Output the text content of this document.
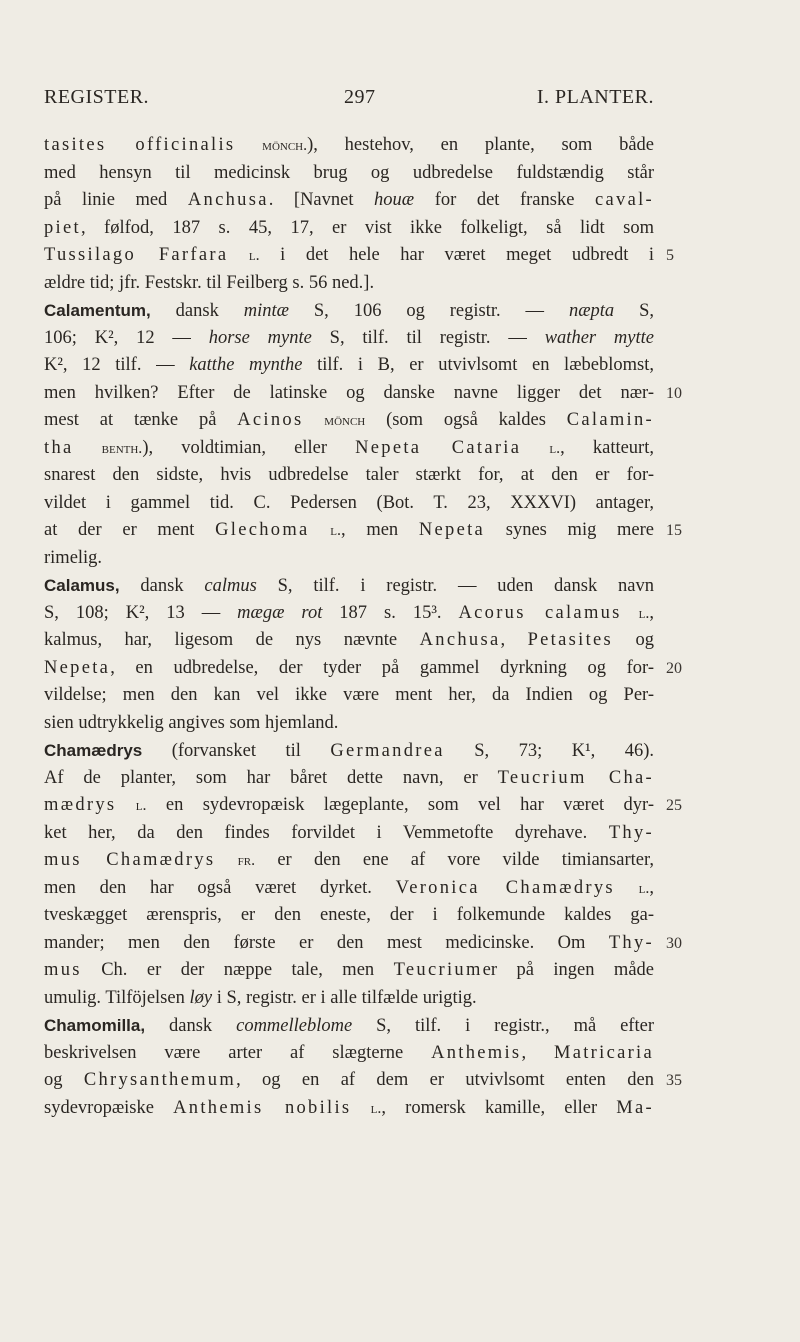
REGISTER.	297	I. PLANTER.
tasites officinalis mönch.), hestehov, en plante, som både
med hensyn til medicinsk brug og udbredelse fuldstændig står
på linie med Anchusa. [Navnet houæ for det franske caval-
piet, følfod, 187 s. 45, 17, er vist ikke folkeligt, så lidt som
Tussilago Farfara l. i det hele har været meget udbredt i 5
ældre tid; jfr. Festskr. til Feilberg s. 56 ned.].
Calamentum, dansk mintæ S, 106 og registr. — næpta S,
106; K², 12 — horse mynte S, tilf. til registr. — wather mytte
K², 12 tilf. — katthe mynthe tilf. i B, er utvivlsomt en læbeblomst,
men hvilken? Efter de latinske og danske navne ligger det nær- 10
mest at tænke på Acinos mönch (som også kaldes Calamin-
tha benth.), voldtimian, eller Nepeta Cataria l., katteurt,
snarest den sidste, hvis udbredelse taler stærkt for, at den er for-
vildet i gammel tid. C. Pedersen (Bot. T. 23, XXXVI) antager,
at der er ment Glechoma l., men Nepeta synes mig mere 15
rimelig.
Calamus, dansk calmus S, tilf. i registr. — uden dansk navn
S, 108; K², 13 — mægæ rot 187 s. 15³. Acorus calamus l.,
kalmus, har, ligesom de nys nævnte Anchusa, Petasites og
Nepeta, en udbredelse, der tyder på gammel dyrkning og for- 20
vildelse; men den kan vel ikke være ment her, da Indien og Per-
sien udtrykkelig angives som hjemland.
Chamædrys (forvansket til Germandrea S, 73; K¹, 46).
Af de planter, som har båret dette navn, er Teucrium Cha-
mædrys l. en sydevropæisk lægeplante, som vel har været dyr- 25
ket her, da den findes forvildet i Vemmetofte dyrehave. Thy-
mus Chamædrys fr. er den ene af vore vilde timiansarter,
men den har også været dyrket. Veronica Chamædrys l.,
tveskægget ærenspris, er den eneste, der i folkemunde kaldes ga-
mander; men den første er den mest medicinske. Om Thy- 30
mus Ch. er der næppe tale, men Teucriumer på ingen måde
umulig. Tilföjelsen løy i S, registr. er i alle tilfælde urigtig.
Chamomilla, dansk commelleblome S, tilf. i registr., må efter
beskrivelsen være arter af slægterne Anthemis, Matricaria
og Chrysanthemum, og en af dem er utvivlsomt enten den 35
sydevropæiske Anthemis nobilis l., romersk kamille, eller Ma-
